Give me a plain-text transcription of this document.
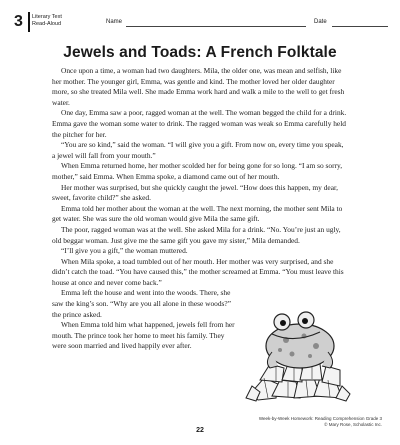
3 Literary Text
Read-Aloud	Name	Date
Jewels and Toads: A French Folktale

Once upon a time, a woman had two daughters. Mila, the older one, was mean and selfish, like her mother. The younger girl, Emma, was gentle and kind. The mother loved her older daughter more, so she treated Mila well. She made Emma work hard and walk a mile to the well to get fresh water.

One day, Emma saw a poor, ragged woman at the well. The woman begged the child for a drink. Emma gave the woman some water to drink. The ragged woman was weak so Emma carefully held the pitcher for her.

“You are so kind,” said the woman. “I will give you a gift. From now on, every time you speak, a jewel will fall from your mouth.”

When Emma returned home, her mother scolded her for being gone for so long. “I am so sorry, mother,” said Emma. When Emma spoke, a diamond came out of her mouth.

Her mother was surprised, but she quickly caught the jewel. “How does this happen, my dear, sweet, favorite child?” she asked.

Emma told her mother about the woman at the well. The next morning, the mother sent Mila to get water. She was sure the old woman would give Mila the same gift.

The poor, ragged woman was at the well. She asked Mila for a drink. “No. You’re just an ugly, old beggar woman. Just give me the same gift you gave my sister,” Mila demanded.

“I’ll give you a gift,” the woman muttered.

When Mila spoke, a toad tumbled out of her mouth. Her mother was very surprised, and she didn’t catch the toad. “You have caused this,” the mother screamed at Emma. “You must leave this house at once and never come back.”

Emma left the house and went into the woods. There, she saw the king’s son. “Why are you all alone in these woods?” the prince asked.

When Emma told him what happened, jewels fell from her mouth. The prince took her home to meet his family. They were soon married and lived happily ever after.

Week-by-Week Homework: Reading Comprehension Grade 3
© Mary Rose, Scholastic Inc.
22
